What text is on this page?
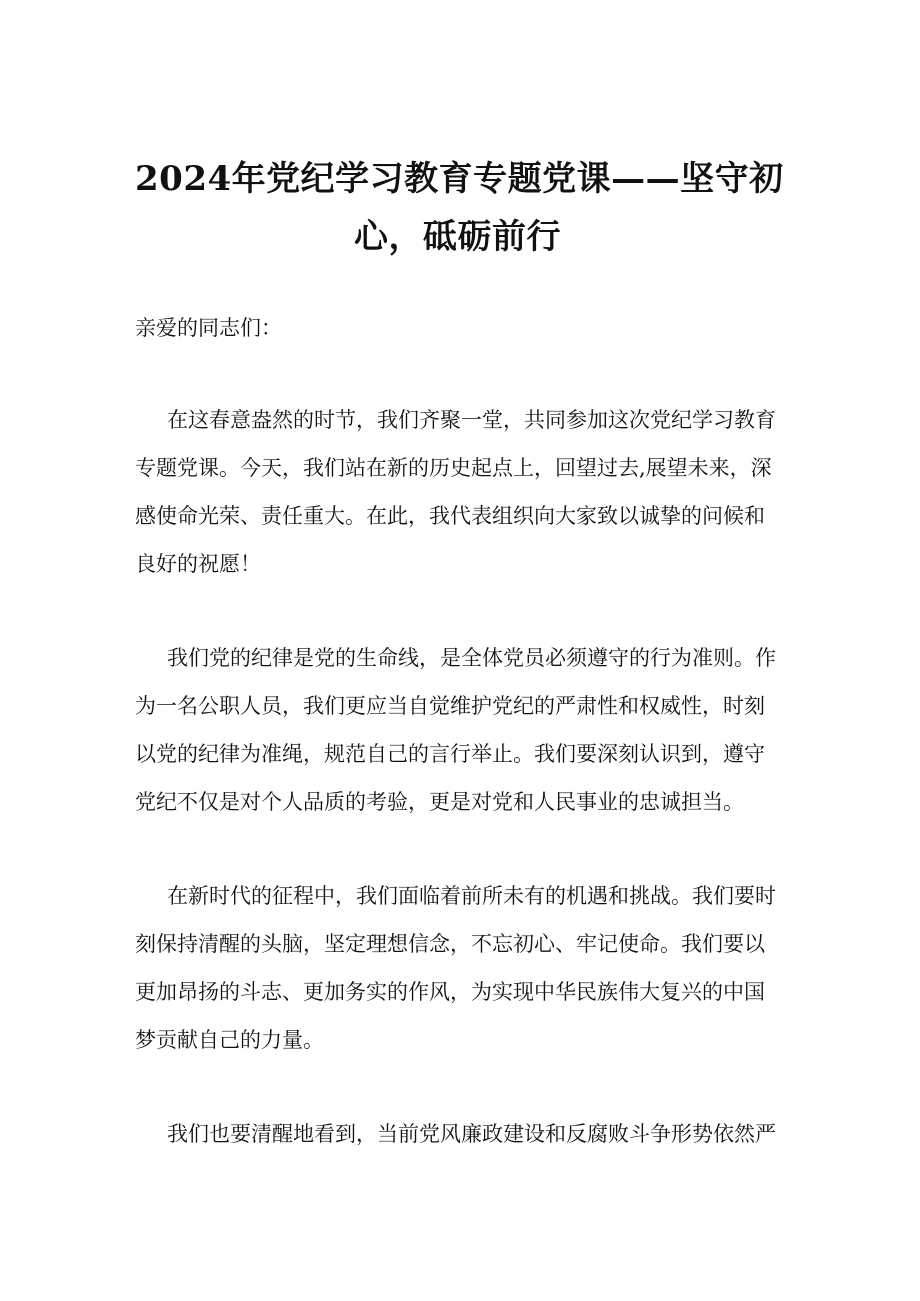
2024年党纪学习教育专题党课——坚守初
心，砥砺前行

亲爱的同志们：

在这春意盎然的时节，我们齐聚一堂，共同参加这次党纪学习教育
专题党课。今天，我们站在新的历史起点上，回望过去,展望未来，深
感使命光荣、责任重大。在此，我代表组织向大家致以诚挚的问候和
良好的祝愿！
我们党的纪律是党的生命线，是全体党员必须遵守的行为准则。作
为一名公职人员，我们更应当自觉维护党纪的严肃性和权威性，时刻
以党的纪律为准绳，规范自己的言行举止。我们要深刻认识到，遵守
党纪不仅是对个人品质的考验，更是对党和人民事业的忠诚担当。
在新时代的征程中，我们面临着前所未有的机遇和挑战。我们要时
刻保持清醒的头脑，坚定理想信念，不忘初心、牢记使命。我们要以
更加昂扬的斗志、更加务实的作风，为实现中华民族伟大复兴的中国
梦贡献自己的力量。
我们也要清醒地看到，当前党风廉政建设和反腐败斗争形势依然严
